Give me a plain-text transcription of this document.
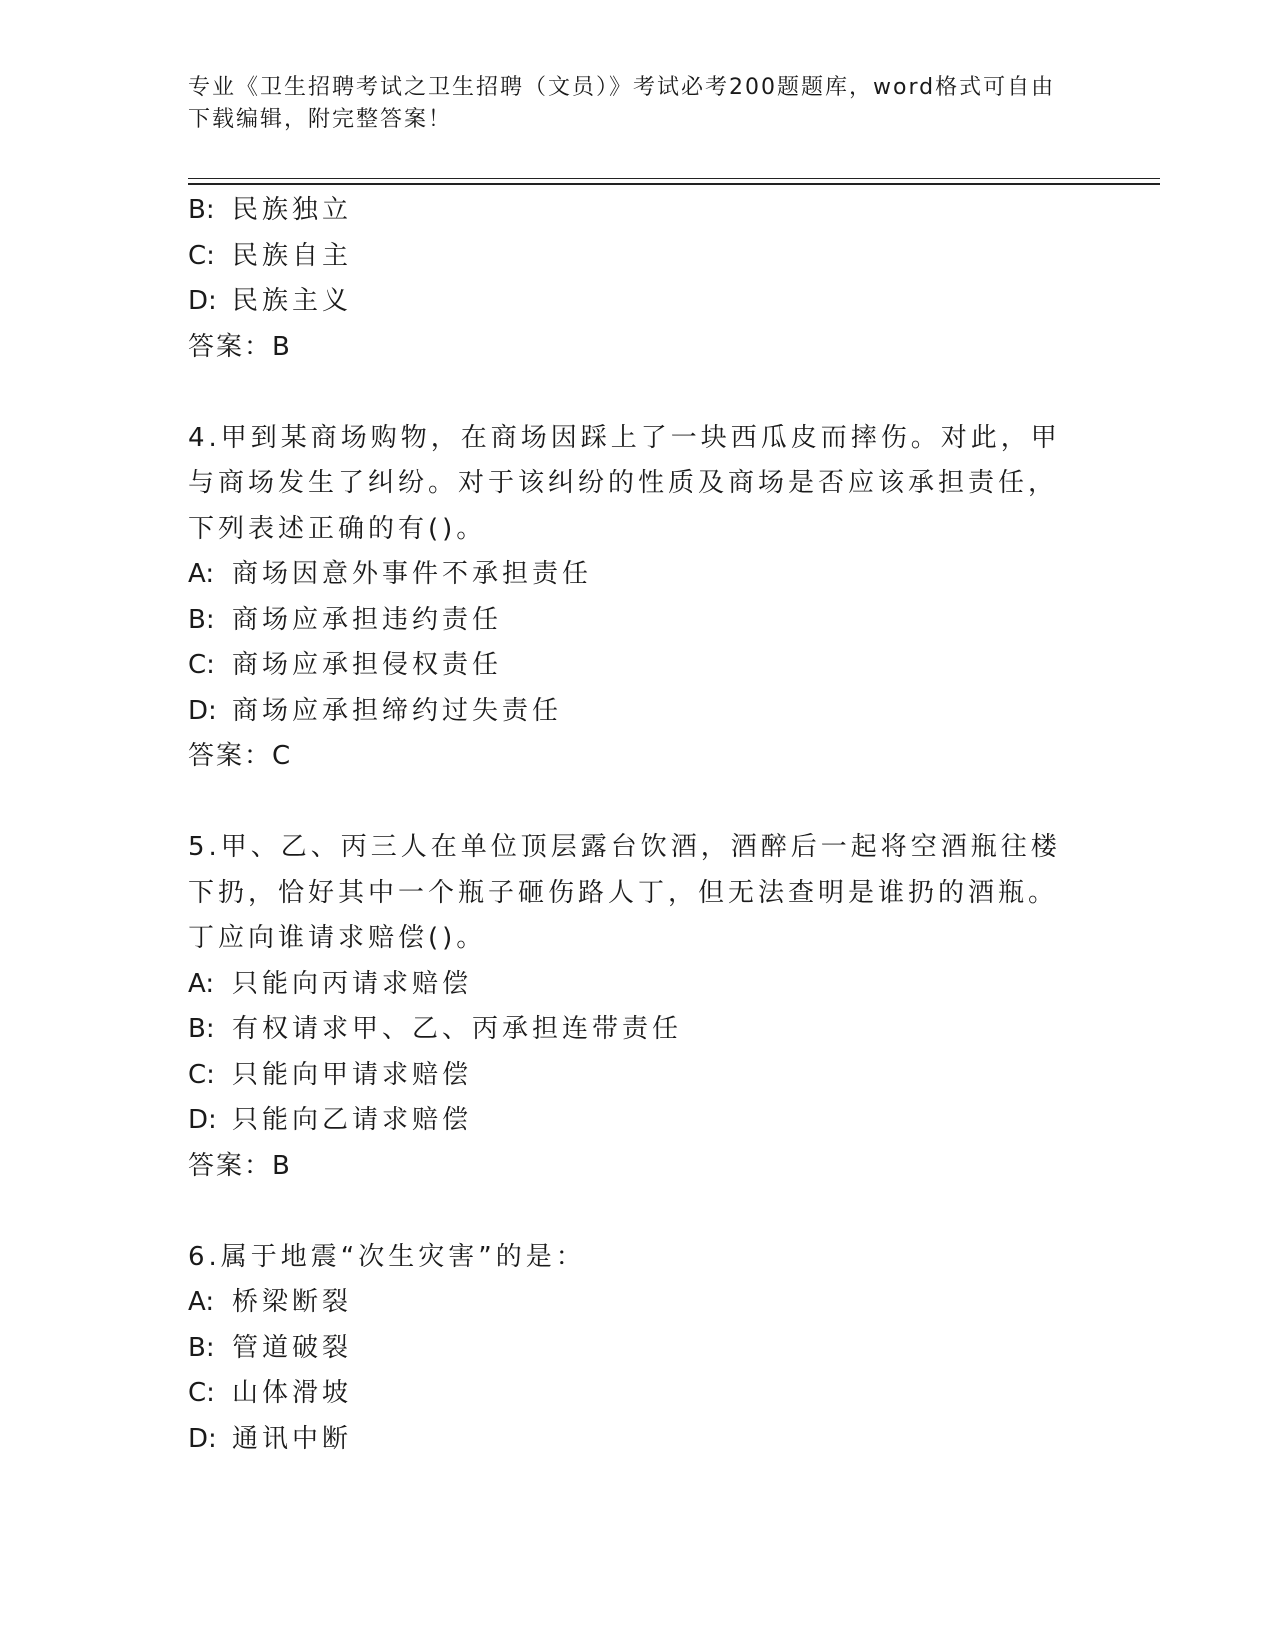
专业《卫生招聘考试之卫生招聘（文员）》考试必考200题题库，word格式可自由下载编辑，附完整答案！
B: 民族独立
C: 民族自主
D: 民族主义
答案：B
4.甲到某商场购物，在商场因踩上了一块西瓜皮而摔伤。对此，甲与商场发生了纠纷。对于该纠纷的性质及商场是否应该承担责任，下列表述正确的有()。
A: 商场因意外事件不承担责任
B: 商场应承担违约责任
C: 商场应承担侵权责任
D: 商场应承担缔约过失责任
答案：C
5.甲、乙、丙三人在单位顶层露台饮酒，酒醉后一起将空酒瓶往楼下扔，恰好其中一个瓶子砸伤路人丁，但无法查明是谁扔的酒瓶。丁应向谁请求赔偿()。
A: 只能向丙请求赔偿
B: 有权请求甲、乙、丙承担连带责任
C: 只能向甲请求赔偿
D: 只能向乙请求赔偿
答案：B
6.属于地震“次生灾害”的是：
A: 桥梁断裂
B: 管道破裂
C: 山体滑坡
D: 通讯中断
